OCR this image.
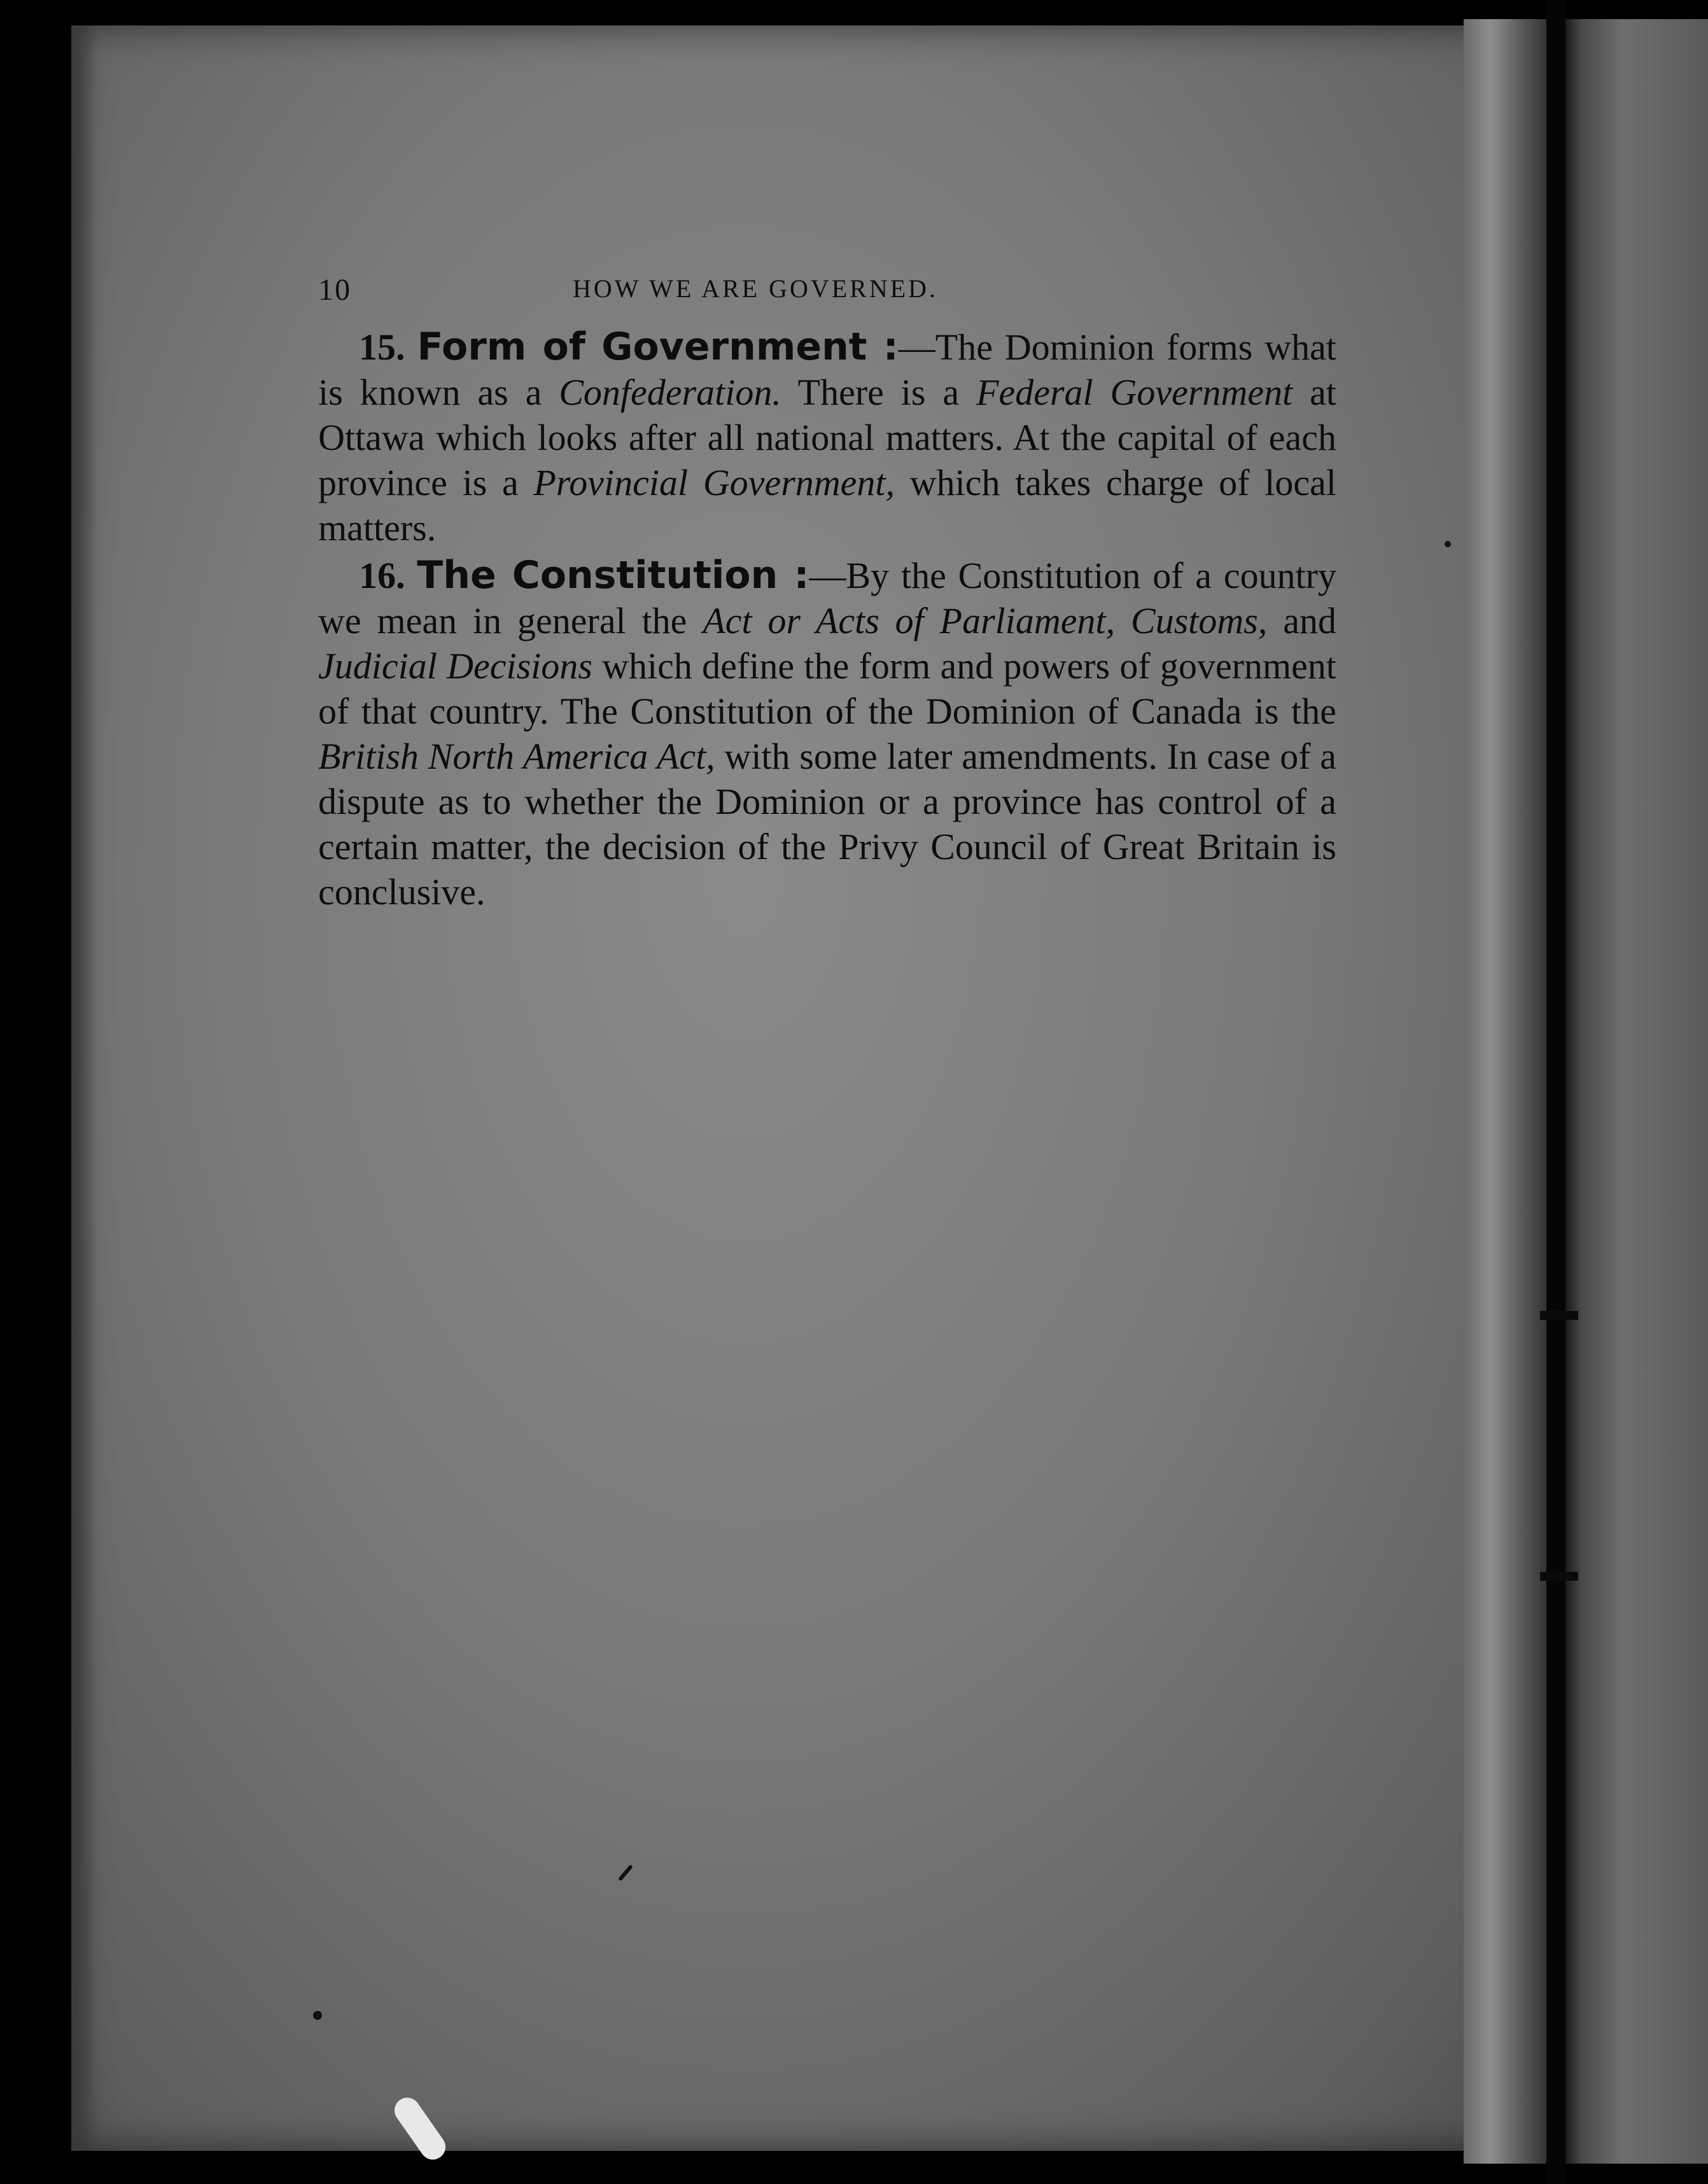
10	HOW WE ARE GOVERNED.

15. Form of Government :—The Dominion forms what is known as a Confederation. There is a Federal Government at Ottawa which looks after all national matters. At the capital of each province is a Provincial Government, which takes charge of local matters.

16. The Constitution :—By the Constitution of a country we mean in general the Act or Acts of Parliament, Customs, and Judicial Decisions which define the form and powers of government of that country. The Constitution of the Dominion of Canada is the British North America Act, with some later amendments. In case of a dispute as to whether the Dominion or a province has control of a certain matter, the decision of the Privy Council of Great Britain is conclusive.
